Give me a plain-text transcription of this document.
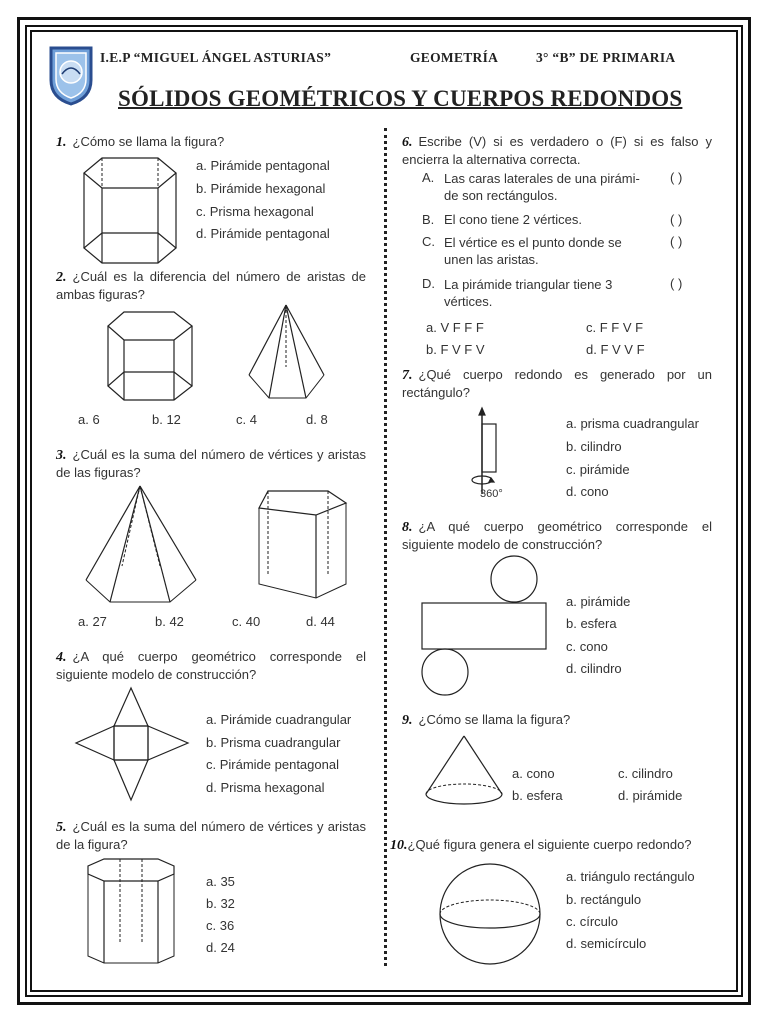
I.E.P “MIGUEL ÁNGEL ASTURIAS”	GEOMETRÍA	3° “B” DE PRIMARIA
SÓLIDOS GEOMÉTRICOS Y CUERPOS REDONDOS
1. ¿Cómo se llama la figura?
a. Pirámide pentagonal
b. Pirámide hexagonal
c. Prisma hexagonal
d. Pirámide pentagonal
2. ¿Cuál es la diferencia del número de aristas de ambas figuras?
a. 6	b. 12	c. 4	d. 8
3. ¿Cuál es la suma del número de vértices y aristas de las figuras?
a. 27	b. 42	c. 40	d. 44
4. ¿A qué cuerpo geométrico corresponde el siguiente modelo de construcción?
a. Pirámide cuadrangular
b. Prisma cuadrangular
c. Pirámide pentagonal
d. Prisma hexagonal
5. ¿Cuál es la suma del número de vértices y aristas de la figura?
a. 35
b. 32
c. 36
d. 24
6. Escribe (V) si es verdadero o (F) si es falso y encierra la alternativa correcta.
A. Las caras laterales de una pirámi- de son rectángulos.
( )
B. El cono tiene 2 vértices.	( )
C. El vértice es el punto donde se unen las aristas.
( )
D. La pirámide triangular tiene 3 vértices.
( )
a. V F F F	c. F F V F
b. F V F V	d. F V V F
7. ¿Qué cuerpo redondo es generado por un rectángulo?
360°
a. prisma cuadrangular
b. cilindro
c. pirámide
d. cono
8. ¿A qué cuerpo geométrico corresponde el siguiente modelo de construcción?
a. pirámide
b. esfera
c. cono
d. cilindro
9. ¿Cómo se llama la figura?
a. cono	c. cilindro
b. esfera	d. pirámide
10.¿Qué figura genera el siguiente cuerpo redondo?
a. triángulo rectángulo
b. rectángulo
c. círculo
d. semicírculo
